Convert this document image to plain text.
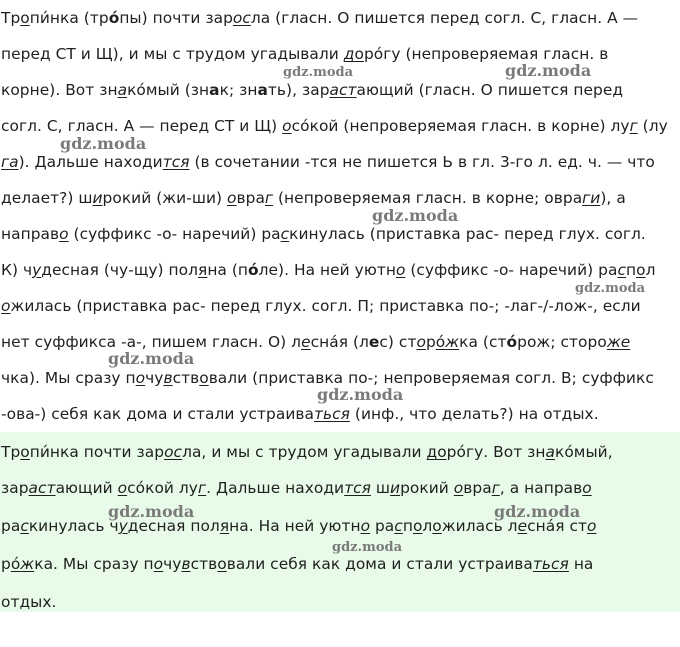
Тропи́нка (тро́пы) почти заросла (гласн. О пишется перед согл. С, гласн. А —
перед СТ и Щ), и мы с трудом угадывали доро́гу (непроверяемая гласн. в
корне). Вот знако́мый (знак; знать), зарастающий (гласн. О пишется перед
согл. С, гласн. А — перед СТ и Щ) осо́кой (непроверяемая гласн. в корне) луг (лу
га). Дальше находится (в сочетании -тся не пишется Ь в гл. 3-го л. ед. ч. — что
делает?) широкий (жи-ши) овраг (непроверяемая гласн. в корне; овраги), а
направо (суффикс -о- наречий) раскинулась (приставка рас- перед глух. согл.
К) чудесная (чу-щу) поляна (по́ле). На ней уютно (суффикс -о- наречий) распол
ожилась (приставка рас- перед глух. согл. П; приставка по-; -лаг-/-лож-, если
нет суффикса -а-, пишем гласн. О) лесна́я (лес) сторо́жка (сто́рож; стороже
чка). Мы сразу почувствовали (приставка по-; непроверяемая согл. В; суффикс
-ова-) себя как дома и стали устраиваться (инф., что делать?) на отдых.
Тропи́нка почти заросла, и мы с трудом угадывали доро́гу. Вот знако́мый,
зарастающий осо́кой луг. Дальше находится широкий овраг, а направо
раскинулась чудесная поляна. На ней уютно расположилась лесна́я сто
ро́жка. Мы сразу почувствовали себя как дома и стали устраиваться на
отдых.
gdz.moda	gdz.moda
gdz.moda
gdz.moda
gdz.moda
gdz.moda
gdz.moda
gdz.moda	gdz.moda
gdz.moda
